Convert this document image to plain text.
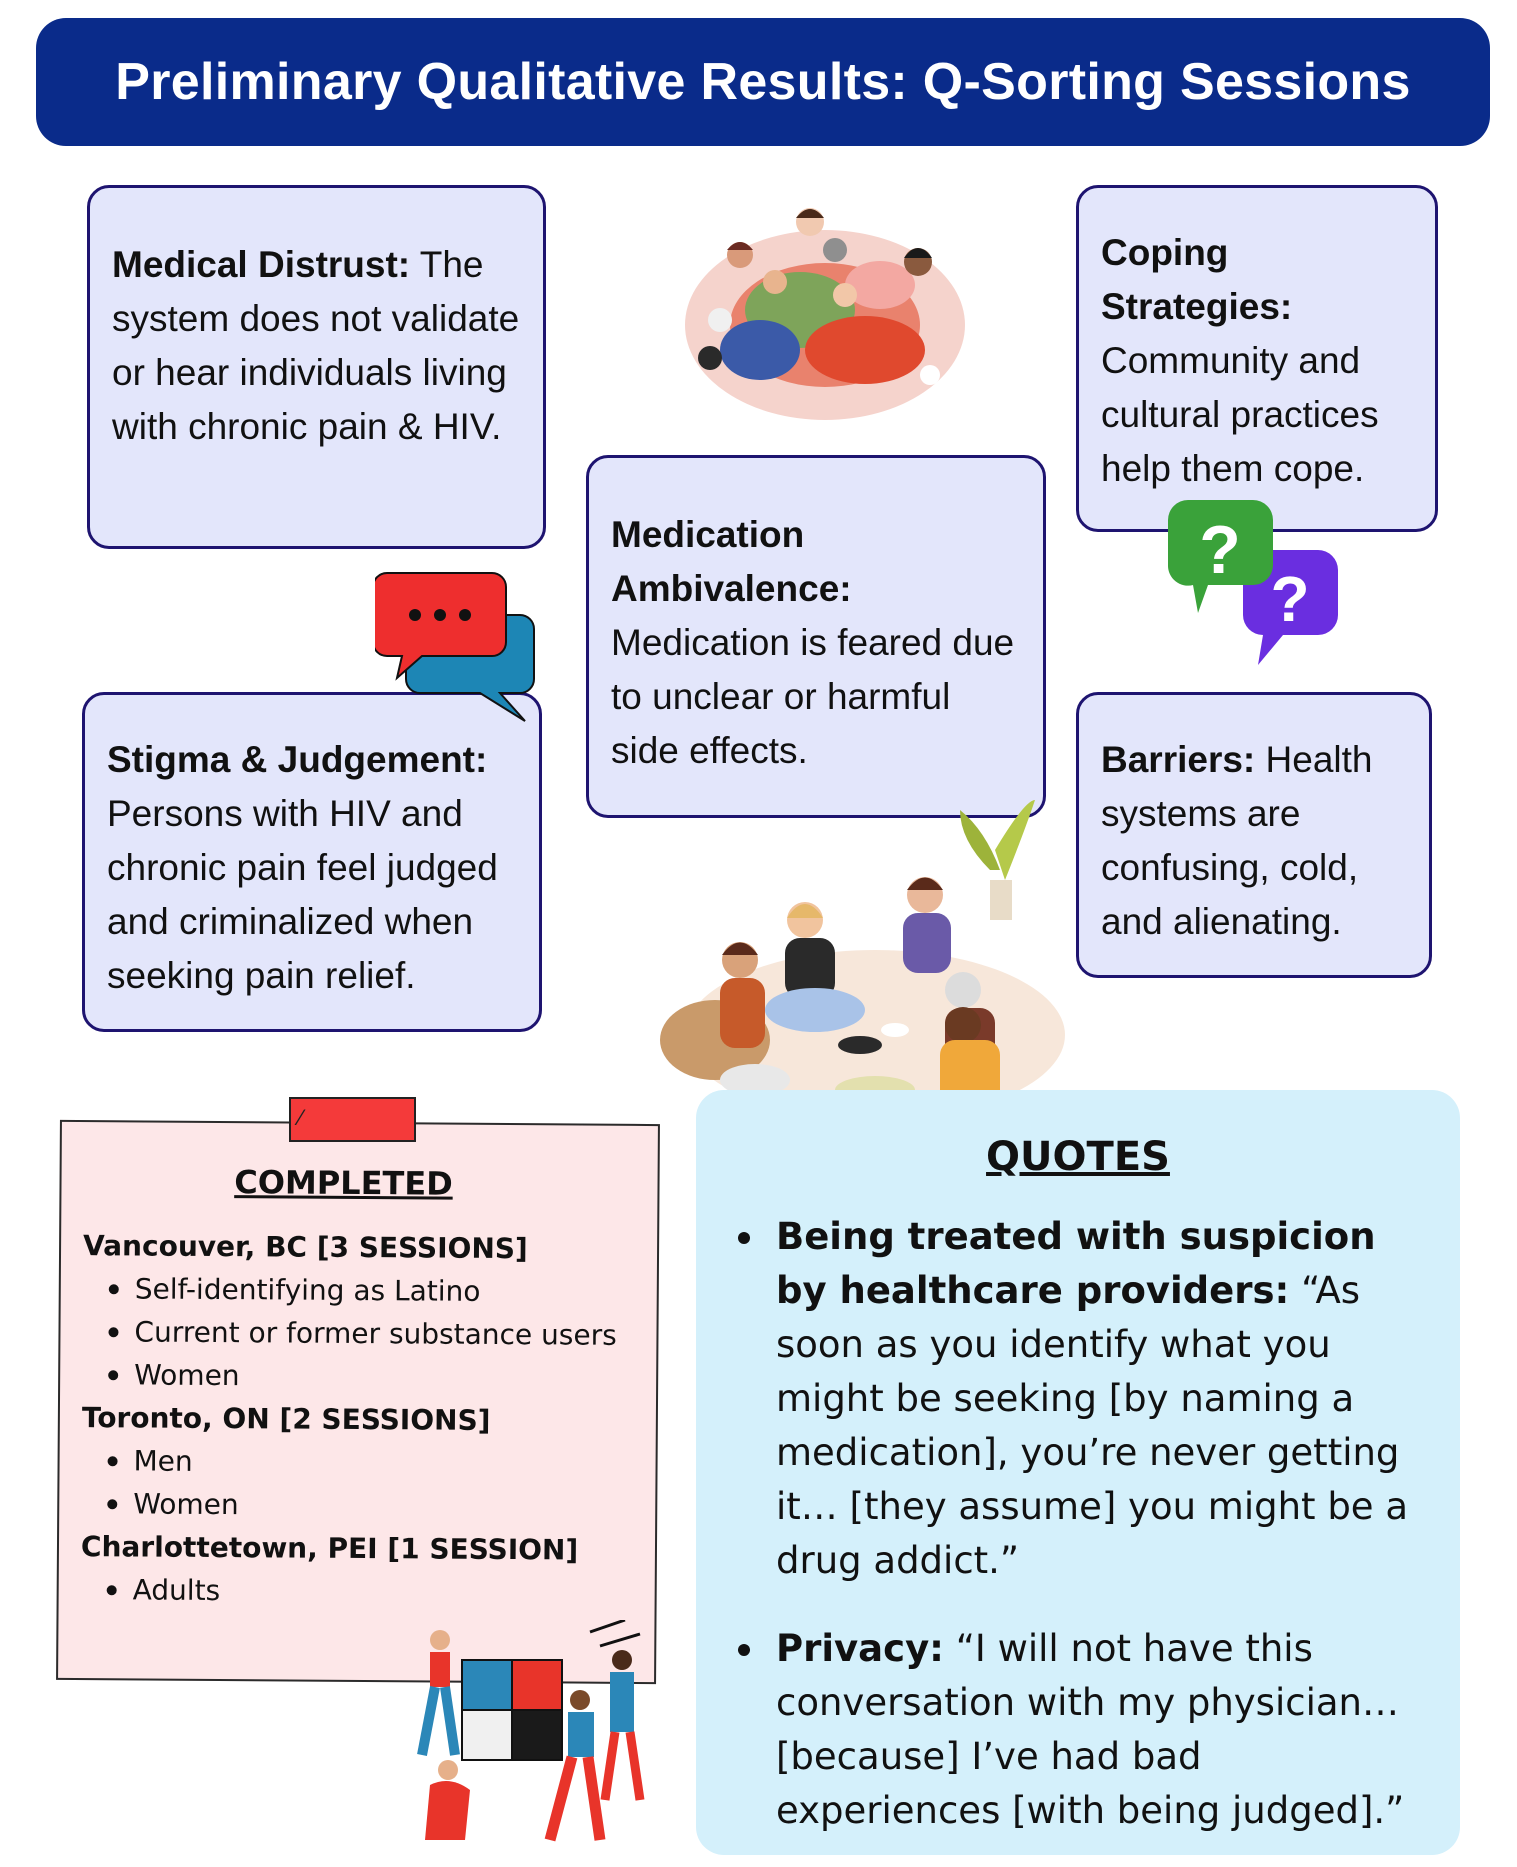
Preliminary Qualitative Results: Q-Sorting Sessions
Medical Distrust: The system does not validate or hear individuals living with chronic pain & HIV.
Coping Strategies: Community and cultural practices help them cope.
Medication Ambivalence: Medication is feared due to unclear or harmful side effects.
Stigma & Judgement: Persons with HIV and chronic pain feel judged and criminalized when seeking pain relief.
Barriers: Health systems are confusing, cold, and alienating.
?
?
COMPLETED
Vancouver, BC [3 SESSIONS]
Self-identifying as Latino
Current or former substance users
Women
Toronto, ON [2 SESSIONS]
Men
Women
Charlottetown, PEI [1 SESSION]
Adults
⁄
QUOTES
Being treated with suspicion by healthcare providers: “As soon as you identify what you might be seeking [by naming a medication], you’re never getting it… [they assume] you might be a drug addict.”
Privacy: “I will not have this conversation with my physician… [because] I’ve had bad experiences [with being judged].”
